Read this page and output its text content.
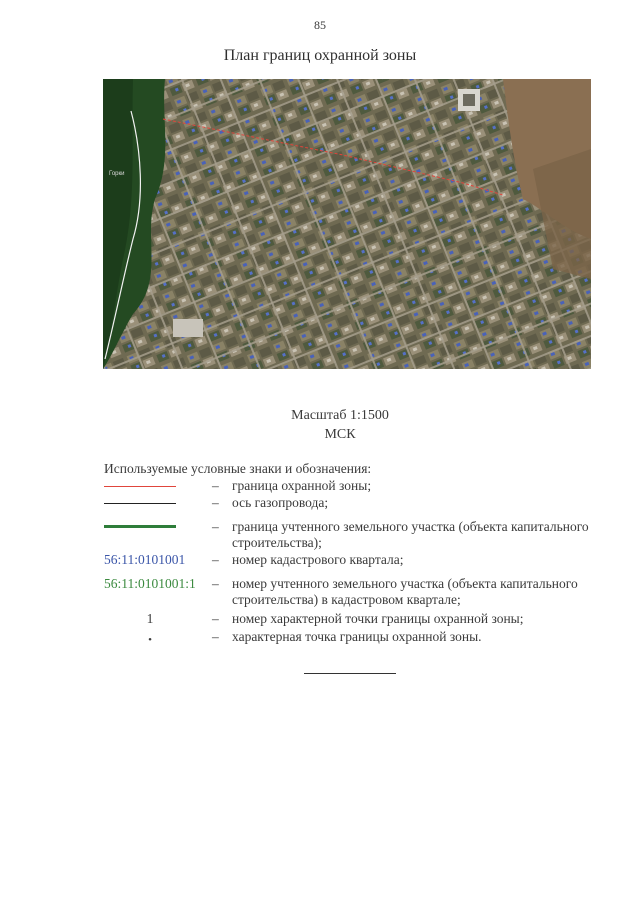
85
План границ охранной зоны
Горки
Масштаб 1:1500
МСК
Используемые условные знаки и обозначения:
– граница охранной зоны;
– ось газопровода;
– граница учтенного земельного участка (объекта капитального строительства);
56:11:0101001	– номер кадастрового квартала;
56:11:0101001:1	– номер учтенного земельного участка (объекта капитального строительства) в кадастровом квартале;
1	– номер характерной точки границы охранной зоны;
•	– характерная точка границы охранной зоны.
